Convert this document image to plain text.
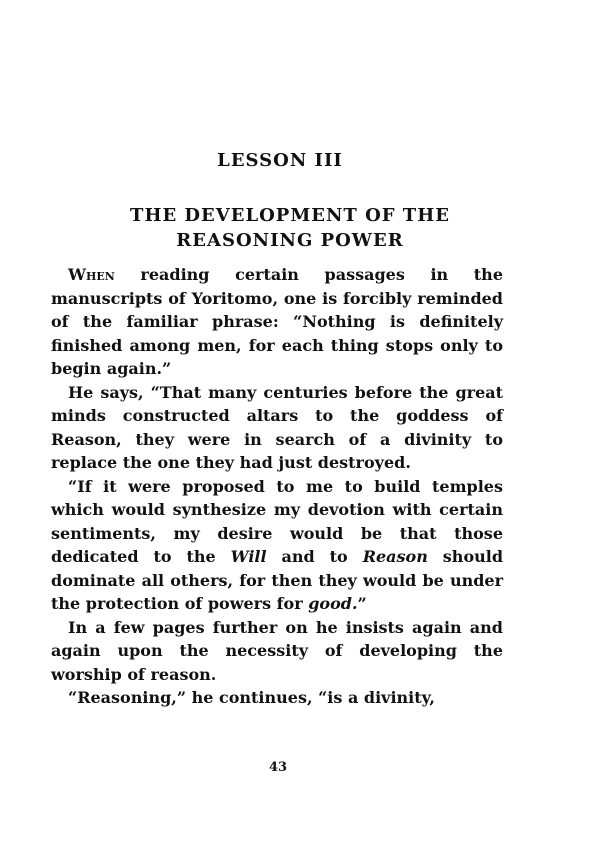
LESSON III
THE DEVELOPMENT OF THE
REASONING POWER

When reading certain passages in the manuscripts of Yoritomo, one is forcibly reminded of the familiar phrase: “Nothing is definitely finished among men, for each thing stops only to begin again.”

He says, “That many centuries before the great minds constructed altars to the goddess of Reason, they were in search of a divinity to replace the one they had just destroyed.

“If it were proposed to me to build temples which would synthesize my devotion with certain sentiments, my desire would be that those dedicated to the Will and to Reason should dominate all others, for then they would be under the protection of powers for good.”

In a few pages further on he insists again and again upon the necessity of developing the worship of reason.

“Reasoning,” he continues, “is a divinity,

43
